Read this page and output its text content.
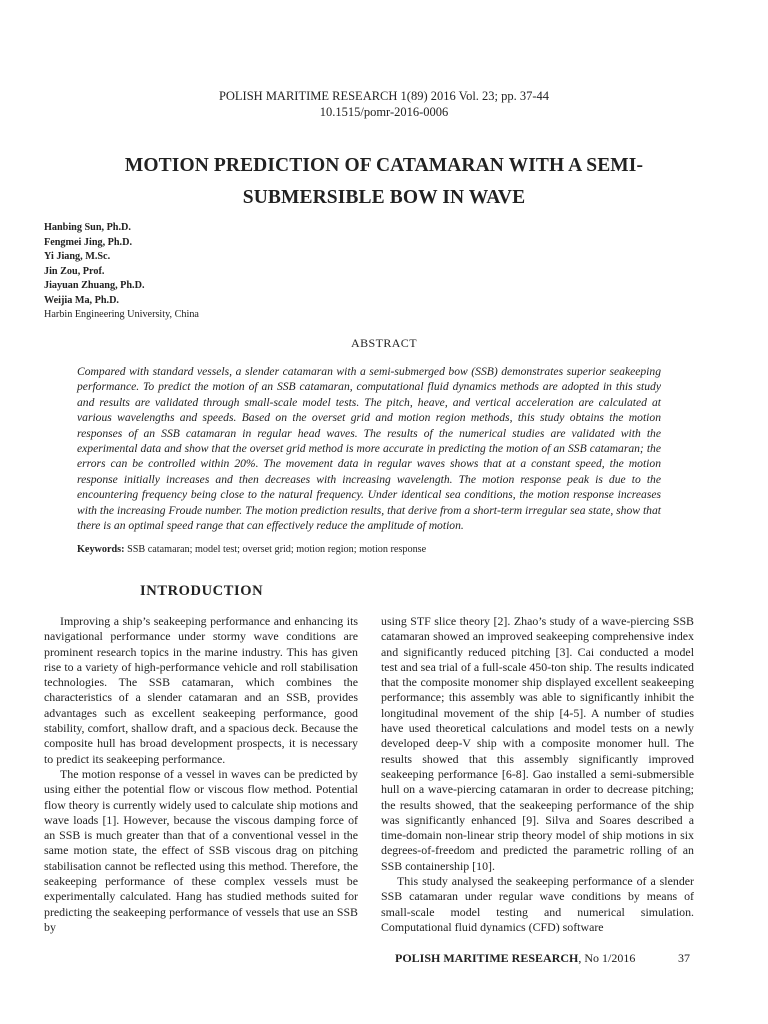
POLISH MARITIME RESEARCH 1(89) 2016 Vol. 23; pp. 37-44
10.1515/pomr-2016-0006
MOTION PREDICTION OF CATAMARAN WITH A SEMI-
SUBMERSIBLE BOW IN WAVE
Hanbing Sun, Ph.D.
Fengmei Jing, Ph.D.
Yi Jiang, M.Sc.
Jin Zou, Prof.
Jiayuan Zhuang, Ph.D.
Weijia Ma, Ph.D.
Harbin Engineering University, China
ABSTRACT
Compared with standard vessels, a slender catamaran with a semi-submerged bow (SSB) demonstrates superior seakeeping performance. To predict the motion of an SSB catamaran, computational fluid dynamics methods are adopted in this study and results are validated through small-scale model tests. The pitch, heave, and vertical acceleration are calculated at various wavelengths and speeds. Based on the overset grid and motion region methods, this study obtains the motion responses of an SSB catamaran in regular head waves. The results of the numerical studies are validated with the experimental data and show that the overset grid method is more accurate in predicting the motion of an SSB catamaran; the errors can be controlled within 20%. The movement data in regular waves shows that at a constant speed, the motion response initially increases and then decreases with increasing wavelength. The motion response peak is due to the encountering frequency being close to the natural frequency. Under identical sea conditions, the motion response increases with the increasing Froude number. The motion prediction results, that derive from a short-term irregular sea state, show that there is an optimal speed range that can effectively reduce the amplitude of motion.
Keywords: SSB catamaran; model test; overset grid; motion region; motion response
INTRODUCTION

Improving a ship’s seakeeping performance and enhancing its navigational performance under stormy wave conditions are prominent research topics in the marine industry. This has given rise to a variety of high-performance vehicle and roll stabilisation technologies. The SSB catamaran, which combines the characteristics of a slender catamaran and an SSB, provides advantages such as excellent seakeeping performance, good stability, comfort, shallow draft, and a spacious deck. Because the composite hull has broad development prospects, it is necessary to predict its seakeeping performance.

The motion response of a vessel in waves can be predicted by using either the potential flow or viscous flow method. Potential flow theory is currently widely used to calculate ship motions and wave loads [1]. However, because the viscous damping force of an SSB is much greater than that of a conventional vessel in the same motion state, the effect of SSB viscous drag on pitching stabilisation cannot be reflected using this method. Therefore, the seakeeping performance of these complex vessels must be experimentally calculated. Hang has studied methods suited for predicting the seakeeping performance of vessels that use an SSB by

using STF slice theory [2]. Zhao’s study of a wave-piercing SSB catamaran showed an improved seakeeping comprehensive index and significantly reduced pitching [3]. Cai conducted a model test and sea trial of a full-scale 450-ton ship. The results indicated that the composite monomer ship displayed excellent seakeeping performance; this assembly was able to significantly inhibit the longitudinal movement of the ship [4-5]. A number of studies have used theoretical calculations and model tests on a newly developed deep-V ship with a composite monomer hull. The results showed that this assembly significantly improved seakeeping performance [6-8]. Gao installed a semi-submersible hull on a wave-piercing catamaran in order to decrease pitching; the results showed, that the seakeeping performance of the ship was significantly enhanced [9]. Silva and Soares described a time-domain non-linear strip theory model of ship motions in six degrees-of-freedom and predicted the parametric rolling of an SSB containership [10].

This study analysed the seakeeping performance of a slender SSB catamaran under regular wave conditions by means of small-scale model testing and numerical simulation. Computational fluid dynamics (CFD) software

POLISH MARITIME RESEARCH, No 1/2016	37
